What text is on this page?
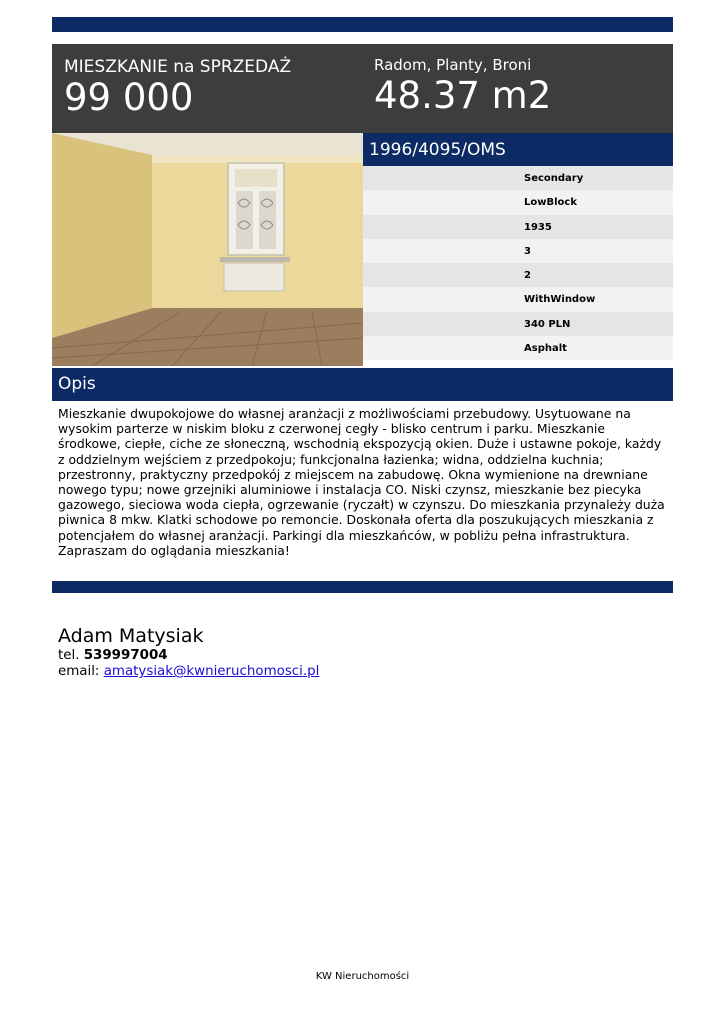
MIESZKANIE na SPRZEDAŻ
99 000
Radom, Planty, Broni
48.37 m2
1996/4095/OMS
Secondary
LowBlock
1935
3
2
WithWindow
340 PLN
Asphalt
Opis
Mieszkanie dwupokojowe do własnej aranżacji z możliwościami przebudowy. Usytuowane na wysokim parterze w niskim bloku z czerwonej cegły - blisko centrum i parku. Mieszkanie środkowe, ciepłe, ciche ze słoneczną, wschodnią ekspozycją okien. Duże i ustawne pokoje, każdy z oddzielnym wejściem z przedpokoju; funkcjonalna łazienka; widna, oddzielna kuchnia; przestronny, praktyczny przedpokój z miejscem na zabudowę. Okna wymienione na drewniane nowego typu; nowe grzejniki aluminiowe i instalacja CO. Niski czynsz, mieszkanie bez piecyka gazowego, sieciowa woda ciepła, ogrzewanie (ryczałt) w czynszu. Do mieszkania przynależy duża piwnica 8 mkw. Klatki schodowe po remoncie. Doskonała oferta dla poszukujących mieszkania z potencjałem do własnej aranżacji. Parkingi dla mieszkańców, w pobliżu pełna infrastruktura. Zapraszam do oglądania mieszkania!
Adam Matysiak
tel. 539997004
email: amatysiak@kwnieruchomosci.pl
KW Nieruchomości
